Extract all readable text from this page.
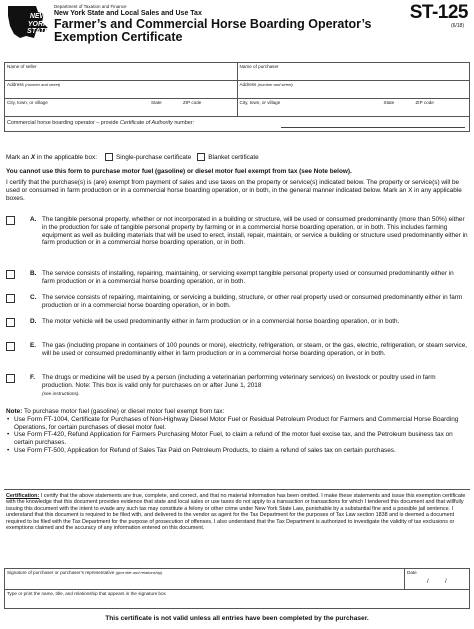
NEW YORK STATE
Department of Taxation and Finance
New York State and Local Sales and Use Tax
Farmer’s and Commercial Horse Boarding Operator’s Exemption Certificate
ST-125
(6/18)
Name of seller	Name of purchaser
Address (number and street)	Address (number and street)
City, town, or village	State	ZIP code	City, town, or village	State	ZIP code
Commercial horse boarding operator – provide Certificate of Authority number:
Mark an
X
in the applicable box:	Single-purchase certificate	Blanket certificate
You cannot use this form to purchase motor fuel (gasoline) or diesel motor fuel exempt from tax (see Note below).
I certify that the purchase(s) is (are) exempt from payment of sales and use taxes on the property or service(s) indicated below. The property or service(s) will be used or consumed in farm production or in a commercial horse boarding operation, or in both, in the general manner indicated below. Mark an X in any applicable boxes.
A. The tangible personal property, whether or not incorporated in a building or structure, will be used or consumed predominantly (more than 50%) either in the production for sale of tangible personal property by farming or in a commercial horse boarding operation, or in both. This includes farming equipment as well as building materials that will be used to erect, install, repair, maintain, or service a building or structure used predominantly either in farm production or in a commercial horse boarding operation, or in both.
B. The service consists of installing, repairing, maintaining, or servicing exempt tangible personal property used or consumed predominantly either in farm production or in a commercial horse boarding operation, or in both.
C. The service consists of repairing, maintaining, or servicing a building, structure, or other real property used or consumed predominantly either in farm production or in a commercial horse boarding operation, or in both.
D. The motor vehicle will be used predominantly either in farm production or in a commercial horse boarding operation, or in both.
E. The gas (including propane in containers of 100 pounds or more), electricity, refrigeration, or steam, or the gas, electric, refrigeration, or steam service, will be used or consumed predominantly either in farm production or in a commercial horse boarding operation, or in both.
F. The drugs or medicine will be used by a person (including a veterinarian performing veterinary services) on livestock or poultry used in farm production. Note: This box is valid only for purchases on or after June 1, 2018
(see instructions).
Note: To purchase motor fuel (gasoline) or diesel motor fuel exempt from tax:
• Use Form FT-1004, Certificate for Purchases of Non-Highway Diesel Motor Fuel or Residual Petroleum Product for Farmers and Commercial Horse Boarding Operations, for certain purchases of diesel motor fuel.
• Use Form FT-420, Refund Application for Farmers Purchasing Motor Fuel, to claim a refund of the motor fuel excise tax, and the Petroleum business tax on certain purchases.
• Use Form FT-500, Application for Refund of Sales Tax Paid on Petroleum Products, to claim a refund of sales tax on certain purchases.
Certification: I certify that the above statements are true, complete, and correct, and that no material information has been omitted. I make these statements and issue this exemption certificate with the knowledge that this document provides evidence that state and local sales or use taxes do not apply to a transaction or transactions for which I tendered this document and that willfully issuing this document with the intent to evade any such tax may constitute a felony or other crime under New York State Law, punishable by a substantial fine and a possible jail sentence. I understand that this document is required to be filed with, and delivered to the vendor as agent for the Tax Department for the purposes of Tax Law section 1838 and is deemed a document required to be filed with the Tax Department for the purpose of prosecution of offenses. I also understand that the Tax Department is authorized to investigate the validity of tax exclusions or exemptions claimed and the accuracy of any information entered on this document.
Signature of purchaser or purchaser’s representative (give title and relationship)	Date
/	/
Type or print the name, title, and relationship that appears in the signature box
This certificate is not valid unless all entries have been completed by the purchaser.
